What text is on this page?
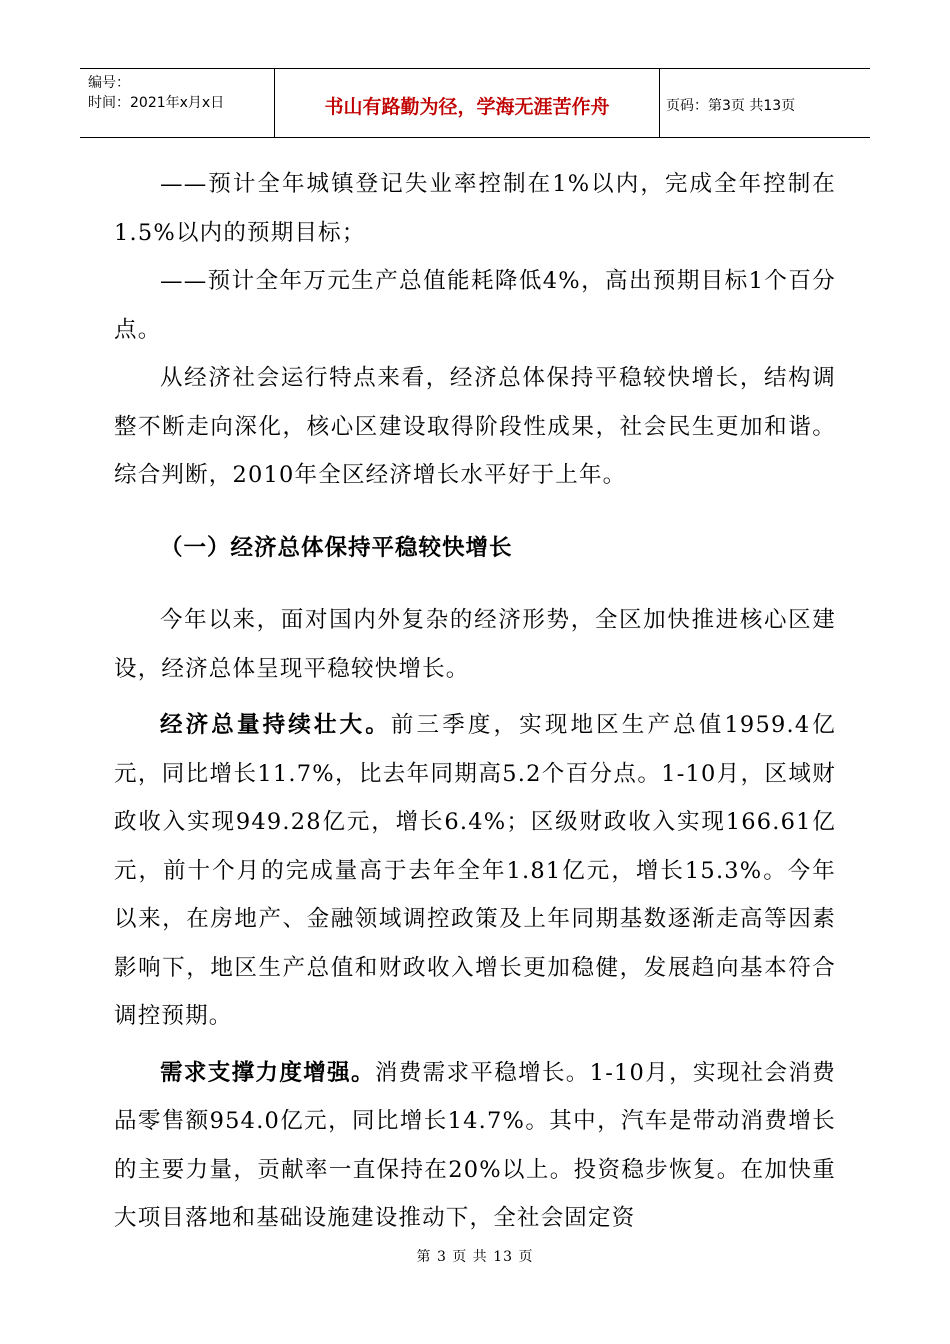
编号：
时间：2021年x月x日	书山有路勤为径，学海无涯苦作舟	页码：第3页 共13页

——预计全年城镇登记失业率控制在1%以内，完成全年控制在1.5%以内的预期目标；

——预计全年万元生产总值能耗降低4%，高出预期目标1个百分点。

从经济社会运行特点来看，经济总体保持平稳较快增长，结构调整不断走向深化，核心区建设取得阶段性成果，社会民生更加和谐。综合判断，2010年全区经济增长水平好于上年。

（一）经济总体保持平稳较快增长

今年以来，面对国内外复杂的经济形势，全区加快推进核心区建设，经济总体呈现平稳较快增长。

经济总量持续壮大。前三季度，实现地区生产总值1959.4亿元，同比增长11.7%，比去年同期高5.2个百分点。1-10月，区域财政收入实现949.28亿元，增长6.4%；区级财政收入实现166.61亿元，前十个月的完成量高于去年全年1.81亿元，增长15.3%。今年以来，在房地产、金融领域调控政策及上年同期基数逐渐走高等因素影响下，地区生产总值和财政收入增长更加稳健，发展趋向基本符合调控预期。

需求支撑力度增强。消费需求平稳增长。1-10月，实现社会消费品零售额954.0亿元，同比增长14.7%。其中，汽车是带动消费增长的主要力量，贡献率一直保持在20%以上。投资稳步恢复。在加快重大项目落地和基础设施建设推动下，全社会固定资

第 3 页 共 13 页
